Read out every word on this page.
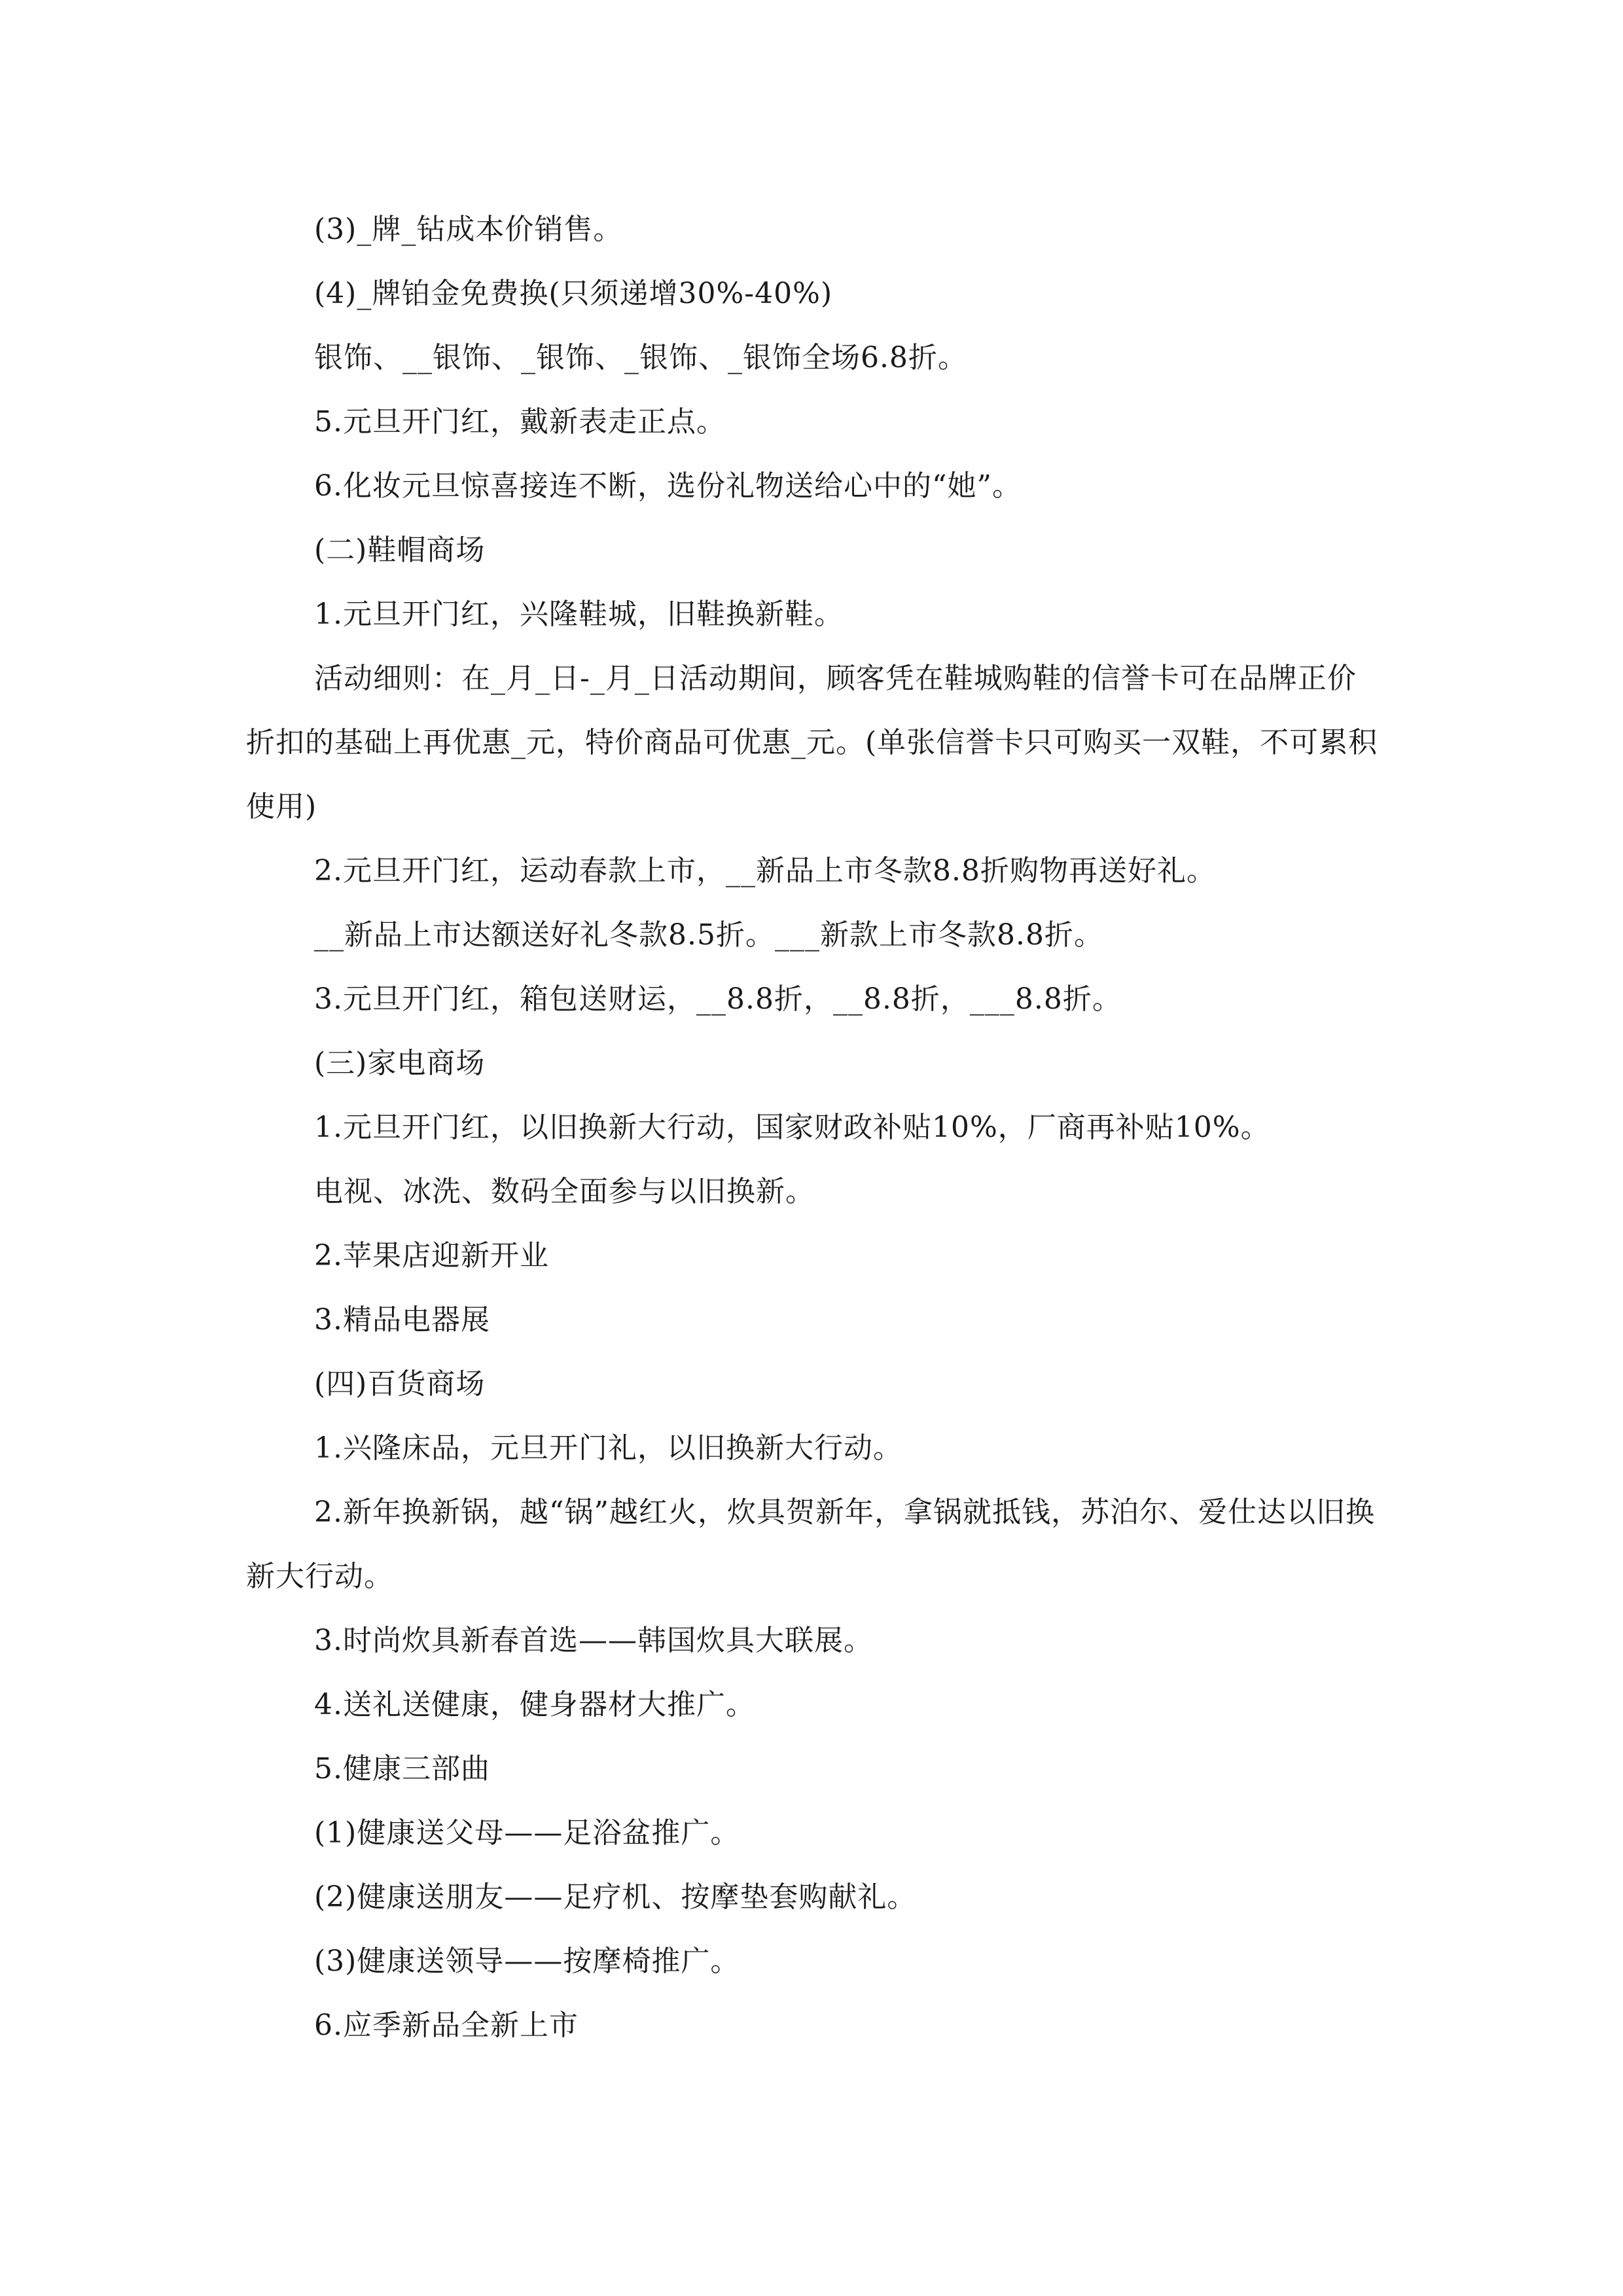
(3)_牌_钻成本价销售。

(4)_牌铂金免费换(只须递增30%-40%)

银饰、__银饰、_银饰、_银饰、_银饰全场6.8折。

5.元旦开门红，戴新表走正点。

6.化妆元旦惊喜接连不断，选份礼物送给心中的“她”。

(二)鞋帽商场

1.元旦开门红，兴隆鞋城，旧鞋换新鞋。

活动细则：在_月_日-_月_日活动期间，顾客凭在鞋城购鞋的信誉卡可在品牌正价折扣的基础上再优惠_元，特价商品可优惠_元。(单张信誉卡只可购买一双鞋，不可累积使用)

2.元旦开门红，运动春款上市，__新品上市冬款8.8折购物再送好礼。

__新品上市达额送好礼冬款8.5折。___新款上市冬款8.8折。

3.元旦开门红，箱包送财运，__8.8折，__8.8折，___8.8折。

(三)家电商场

1.元旦开门红，以旧换新大行动，国家财政补贴10%，厂商再补贴10%。

电视、冰洗、数码全面参与以旧换新。

2.苹果店迎新开业

3.精品电器展

(四)百货商场

1.兴隆床品，元旦开门礼，以旧换新大行动。

2.新年换新锅，越“锅”越红火，炊具贺新年，拿锅就抵钱，苏泊尔、爱仕达以旧换新大行动。

3.时尚炊具新春首选——韩国炊具大联展。

4.送礼送健康，健身器材大推广。

5.健康三部曲

(1)健康送父母——足浴盆推广。

(2)健康送朋友——足疗机、按摩垫套购献礼。

(3)健康送领导——按摩椅推广。

6.应季新品全新上市
